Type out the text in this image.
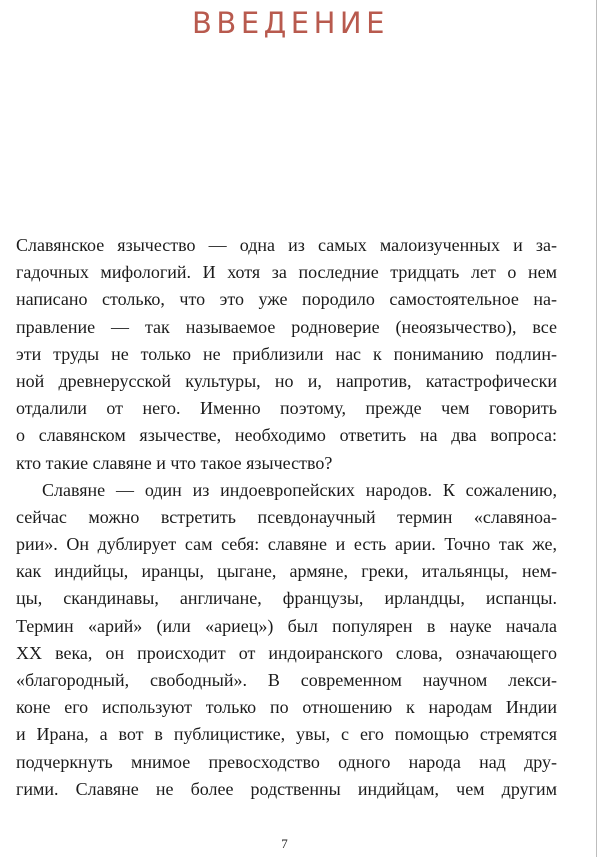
ВВЕДЕНИЕ
Славянское язычество — одна из самых малоизученных и за-
гадочных мифологий. И хотя за последние тридцать лет о нем
написано столько, что это уже породило самостоятельное на-
правление — так называемое родноверие (неоязычество), все
эти труды не только не приблизили нас к пониманию подлин-
ной древнерусской культуры, но и, напротив, катастрофически
отдалили от него. Именно поэтому, прежде чем говорить
о славянском язычестве, необходимо ответить на два вопроса:
кто такие славяне и что такое язычество?
Славяне — один из индоевропейских народов. К сожалению,
сейчас можно встретить псевдонаучный термин «славяноа-
рии». Он дублирует сам себя: славяне и есть арии. Точно так же,
как индийцы, иранцы, цыгане, армяне, греки, итальянцы, нем-
цы, скандинавы, англичане, французы, ирландцы, испанцы.
Термин «арий» (или «ариец») был популярен в науке начала
XX века, он происходит от индоиранского слова, означающего
«благородный, свободный». В современном научном лекси-
коне его используют только по отношению к народам Индии
и Ирана, а вот в публицистике, увы, с его помощью стремятся
подчеркнуть мнимое превосходство одного народа над дру-
гими. Славяне не более родственны индийцам, чем другим
7
